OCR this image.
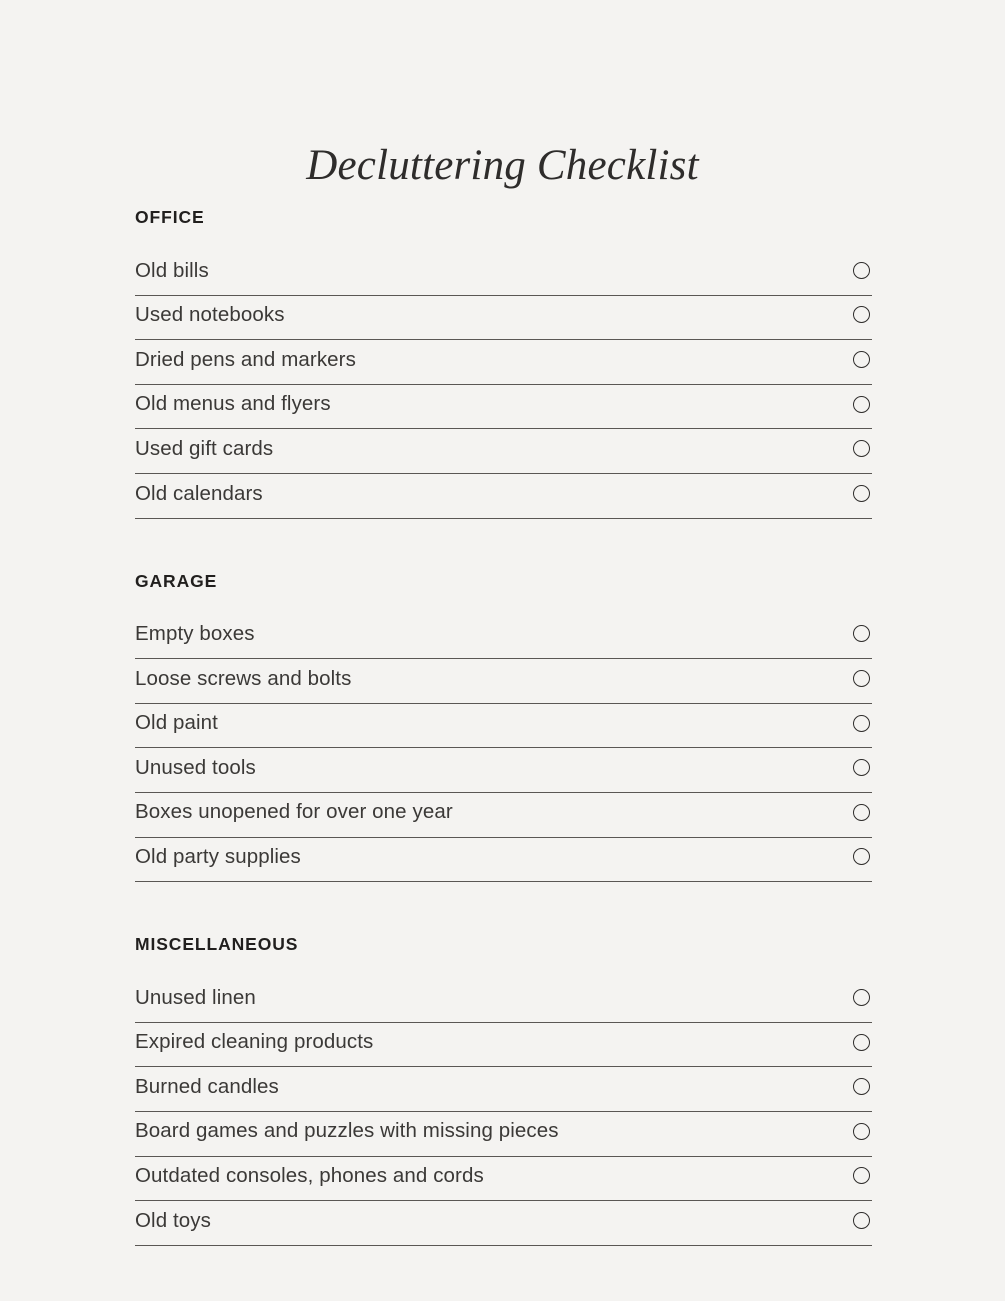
Decluttering Checklist
OFFICE
Old bills
Used notebooks
Dried pens and markers
Old menus and flyers
Used gift cards
Old calendars
GARAGE
Empty boxes
Loose screws and bolts
Old paint
Unused tools
Boxes unopened for over one year
Old party supplies
MISCELLANEOUS
Unused linen
Expired cleaning products
Burned candles
Board games and puzzles with missing pieces
Outdated consoles, phones and cords
Old toys
